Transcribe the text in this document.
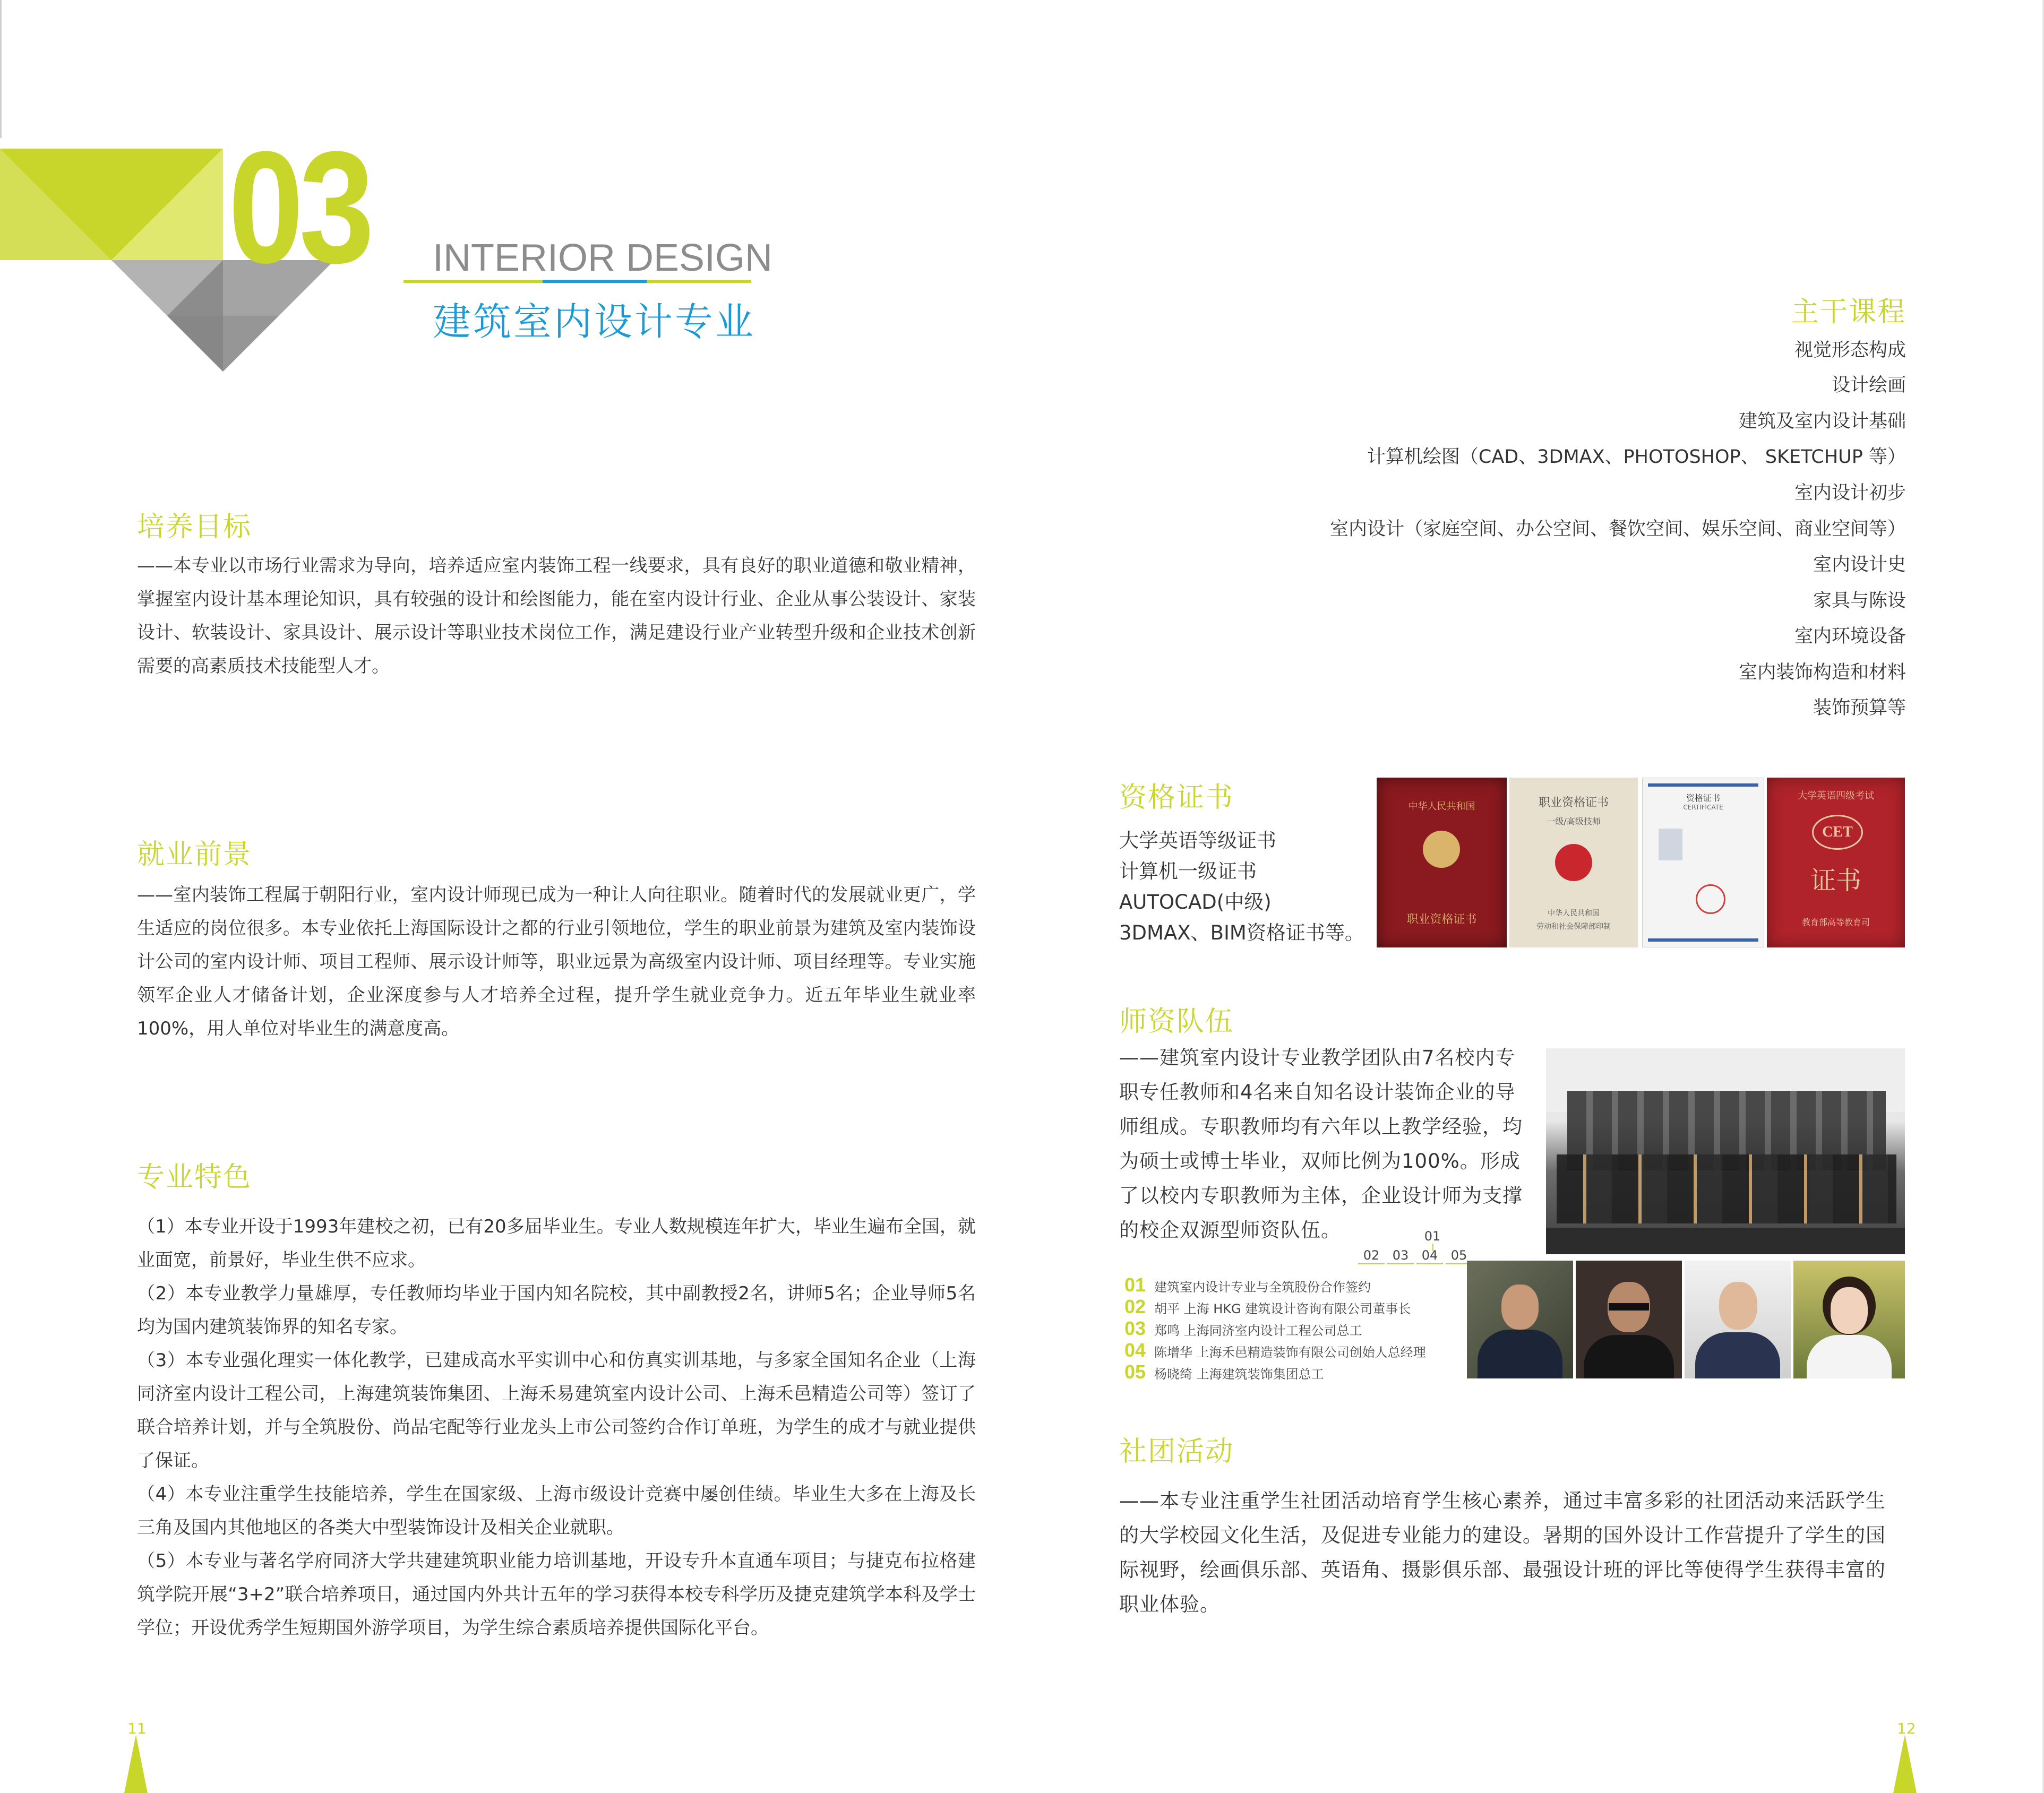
03 INTERIOR DESIGN
建筑室内设计专业
培养目标
——本专业以市场行业需求为导向，培养适应室内装饰工程一线要求，具有良好的职业道德和敬业精神，掌握室内设计基本理论知识，具有较强的设计和绘图能力，能在室内设计行业、企业从事公装设计、家装设计、软装设计、家具设计、展示设计等职业技术岗位工作，满足建设行业产业转型升级和企业技术创新需要的高素质技术技能型人才。
就业前景
——室内装饰工程属于朝阳行业，室内设计师现已成为一种让人向往职业。随着时代的发展就业更广，学生适应的岗位很多。本专业依托上海国际设计之都的行业引领地位，学生的职业前景为建筑及室内装饰设计公司的室内设计师、项目工程师、展示设计师等，职业远景为高级室内设计师、项目经理等。专业实施领军企业人才储备计划，企业深度参与人才培养全过程，提升学生就业竞争力。近五年毕业生就业率100%，用人单位对毕业生的满意度高。
专业特色
（1）本专业开设于1993年建校之初，已有20多届毕业生。专业人数规模连年扩大，毕业生遍布全国，就业面宽，前景好，毕业生供不应求。
（2）本专业教学力量雄厚，专任教师均毕业于国内知名院校，其中副教授2名，讲师5名；企业导师5名均为国内建筑装饰界的知名专家。
（3）本专业强化理实一体化教学，已建成高水平实训中心和仿真实训基地，与多家全国知名企业（上海同济室内设计工程公司，上海建筑装饰集团、上海禾易建筑室内设计公司、上海禾邑精造公司等）签订了联合培养计划，并与全筑股份、尚品宅配等行业龙头上市公司签约合作订单班，为学生的成才与就业提供了保证。
（4）本专业注重学生技能培养，学生在国家级、上海市级设计竞赛中屡创佳绩。毕业生大多在上海及长三角及国内其他地区的各类大中型装饰设计及相关企业就职。
（5）本专业与著名学府同济大学共建建筑职业能力培训基地，开设专升本直通车项目；与捷克布拉格建筑学院开展“3+2”联合培养项目，通过国内外共计五年的学习获得本校专科学历及捷克建筑学本科及学士学位；开设优秀学生短期国外游学项目，为学生综合素质培养提供国际化平台。
主干课程
视觉形态构成
设计绘画
建筑及室内设计基础
计算机绘图（CAD、3DMAX、PHOTOSHOP、 SKETCHUP 等）
室内设计初步
室内设计（家庭空间、办公空间、餐饮空间、娱乐空间、商业空间等）
室内设计史
家具与陈设
室内环境设备
室内装饰构造和材料
装饰预算等
资格证书
大学英语等级证书
计算机一级证书
AUTOCAD(中级)
3DMAX、BIM资格证书等。
中华人民共和国
职业资格证书
职业资格证书
一级/高级技师
中华人民共和国
劳动和社会保障部印制
资格证书
CERTIFICATE
大学英语四级考试
CET
证书
教育部高等教育司
师资队伍
——建筑室内设计专业教学团队由7名校内专职专任教师和4名来自知名设计装饰企业的导师组成。专职教师均有六年以上教学经验，均为硕士或博士毕业，双师比例为100%。形成了以校内专职教师为主体，企业设计师为支撑的校企双源型师资队伍。	01
02	03	04	05
01 建筑室内设计专业与全筑股份合作签约
02 胡平 上海 HKG 建筑设计咨询有限公司董事长
03 郑鸣 上海同济室内设计工程公司总工
04 陈增华 上海禾邑精造装饰有限公司创始人总经理
05 杨晓绮 上海建筑装饰集团总工
社团活动
——本专业注重学生社团活动培育学生核心素养，通过丰富多彩的社团活动来活跃学生的大学校园文化生活，及促进专业能力的建设。暑期的国外设计工作营提升了学生的国际视野，绘画俱乐部、英语角、摄影俱乐部、最强设计班的评比等使得学生获得丰富的职业体验。
11	12
